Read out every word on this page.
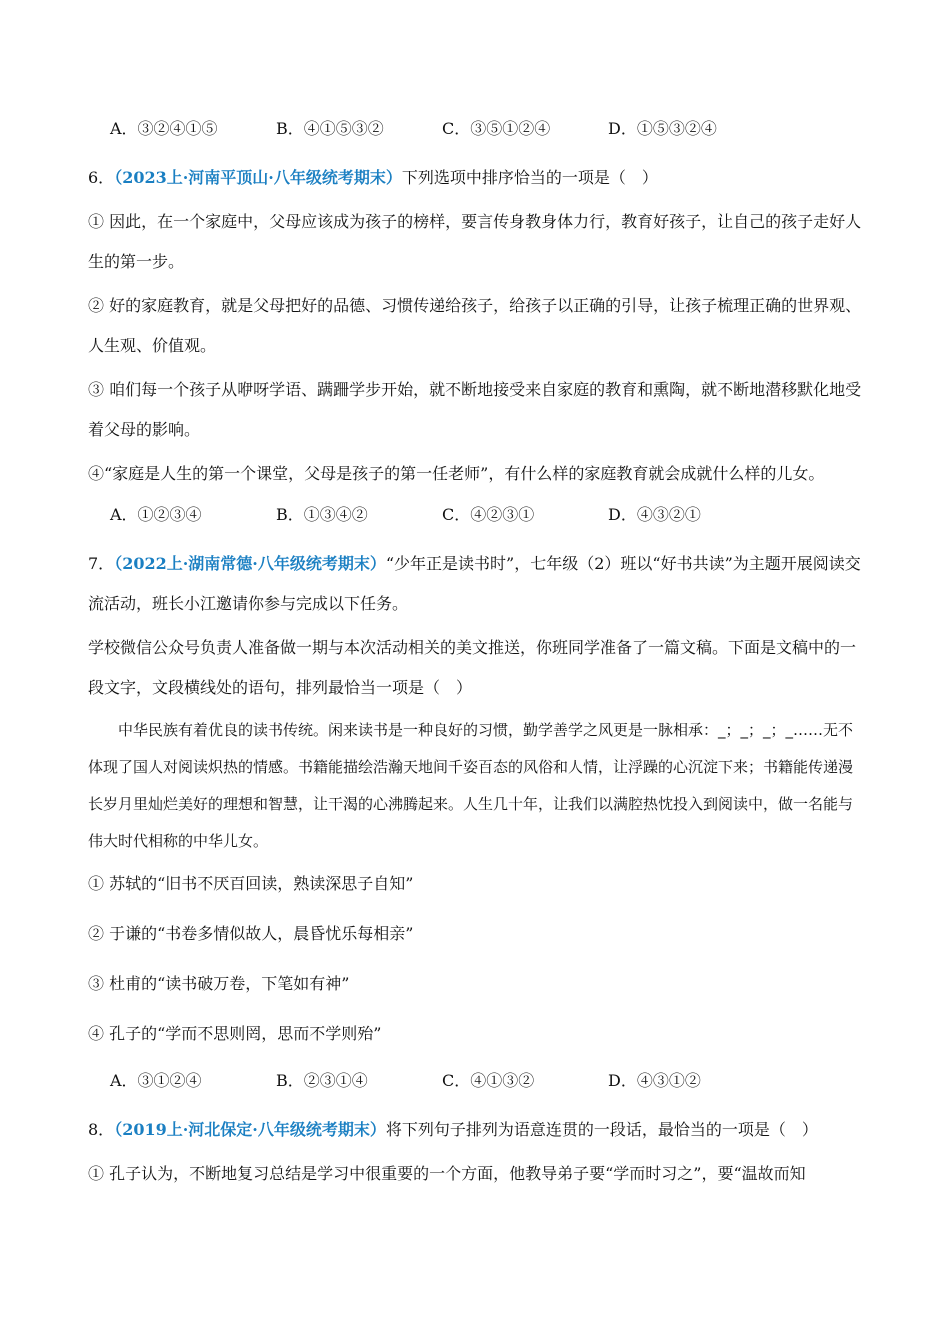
A．③②④①⑤	B．④①⑤③②	C．③⑤①②④	D．①⑤③②④
6．（2023上·河南平顶山·八年级统考期末）下列选项中排序恰当的一项是（　）
① 因此，在一个家庭中，父母应该成为孩子的榜样，要言传身教身体力行，教育好孩子，让自己的孩子走好人生的第一步。
② 好的家庭教育，就是父母把好的品德、习惯传递给孩子，给孩子以正确的引导，让孩子梳理正确的世界观、人生观、价值观。
③ 咱们每一个孩子从咿呀学语、蹒跚学步开始，就不断地接受来自家庭的教育和熏陶，就不断地潜移默化地受着父母的影响。
④“家庭是人生的第一个课堂，父母是孩子的第一任老师”，有什么样的家庭教育就会成就什么样的儿女。
A．①②③④	B．①③④②	C．④②③①	D．④③②①
7．（2022上·湖南常德·八年级统考期末）“少年正是读书时”，七年级（2）班以“好书共读”为主题开展阅读交流活动，班长小江邀请你参与完成以下任务。
学校微信公众号负责人准备做一期与本次活动相关的美文推送，你班同学准备了一篇文稿。下面是文稿中的一段文字，文段横线处的语句，排列最恰当一项是（　）
中华民族有着优良的读书传统。闲来读书是一种良好的习惯，勤学善学之风更是一脉相承：_；_；_；_……无不体现了国人对阅读炽热的情感。书籍能描绘浩瀚天地间千姿百态的风俗和人情，让浮躁的心沉淀下来；书籍能传递漫长岁月里灿烂美好的理想和智慧，让干渴的心沸腾起来。人生几十年，让我们以满腔热忱投入到阅读中，做一名能与伟大时代相称的中华儿女。
① 苏轼的“旧书不厌百回读，熟读深思子自知”
② 于谦的“书卷多情似故人，晨昏忧乐每相亲”
③ 杜甫的“读书破万卷，下笔如有神”
④ 孔子的“学而不思则罔，思而不学则殆”
A．③①②④	B．②③①④	C．④①③②	D．④③①②
8．（2019上·河北保定·八年级统考期末）将下列句子排列为语意连贯的一段话，最恰当的一项是（　）
① 孔子认为，不断地复习总结是学习中很重要的一个方面，他教导弟子要“学而时习之”，要“温故而知
